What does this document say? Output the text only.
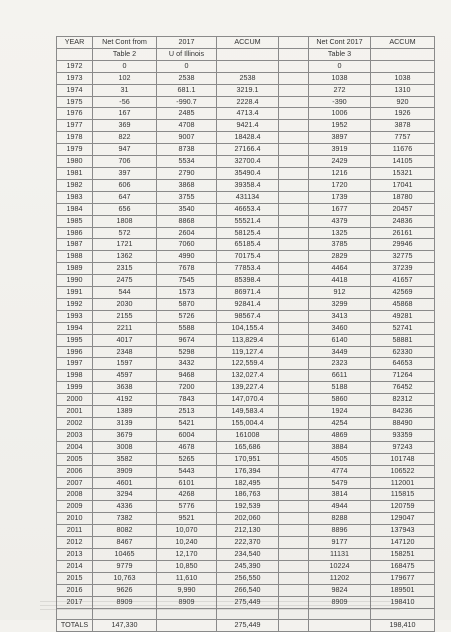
YEAR	Net Cont from	2017	ACCUM		Net Cont 2017	ACCUM
	Table 2	U of Illinois			Table 3	
1972	0	0			0	
1973	102	2538	2538		1038	1038
1974	31	681.1	3219.1		272	1310
1975	-56	-990.7	2228.4		-390	920
1976	167	2485	4713.4		1006	1926
1977	369	4708	9421.4		1952	3878
1978	822	9007	18428.4		3897	7757
1979	947	8738	27166.4		3919	11676
1980	706	5534	32700.4		2429	14105
1981	397	2790	35490.4		1216	15321
1982	606	3868	39358.4		1720	17041
1983	647	3755	431134		1739	18780
1984	656	3540	46653.4		1677	20457
1985	1808	8868	55521.4		4379	24836
1986	572	2604	58125.4		1325	26161
1987	1721	7060	65185.4		3785	29946
1988	1362	4990	70175.4		2829	32775
1989	2315	7678	77853.4		4464	37239
1990	2475	7545	85398.4		4418	41657
1991	544	1573	86971.4		912	42569
1992	2030	5870	92841.4		3299	45868
1993	2155	5726	98567.4		3413	49281
1994	2211	5588	104,155.4		3460	52741
1995	4017	9674	113,829.4		6140	58881
1996	2348	5298	119,127.4		3449	62330
1997	1597	3432	122,559.4		2323	64653
1998	4597	9468	132,027.4		6611	71264
1999	3638	7200	139,227.4		5188	76452
2000	4192	7843	147,070.4		5860	82312
2001	1389	2513	149,583.4		1924	84236
2002	3139	5421	155,004.4		4254	88490
2003	3679	6004	161008		4869	93359
2004	3008	4678	165,686		3884	97243
2005	3582	5265	170,951		4505	101748
2006	3909	5443	176,394		4774	106522
2007	4601	6101	182,495		5479	112001
2008	3294	4268	186,763		3814	115815
2009	4336	5776	192,539		4944	120759
2010	7382	9521	202,060		8288	129047
2011	8082	10,070	212,130		8896	137943
2012	8467	10,240	222,370		9177	147120
2013	10465	12,170	234,540		11131	158251
2014	9779	10,850	245,390		10224	168475
2015	10,763	11,610	256,550		11202	179677
2016	9626	9,990	266,540		9824	189501
2017	8909	8909	275,449		8909	198410

TOTALS	147,330		275,449			198,410
